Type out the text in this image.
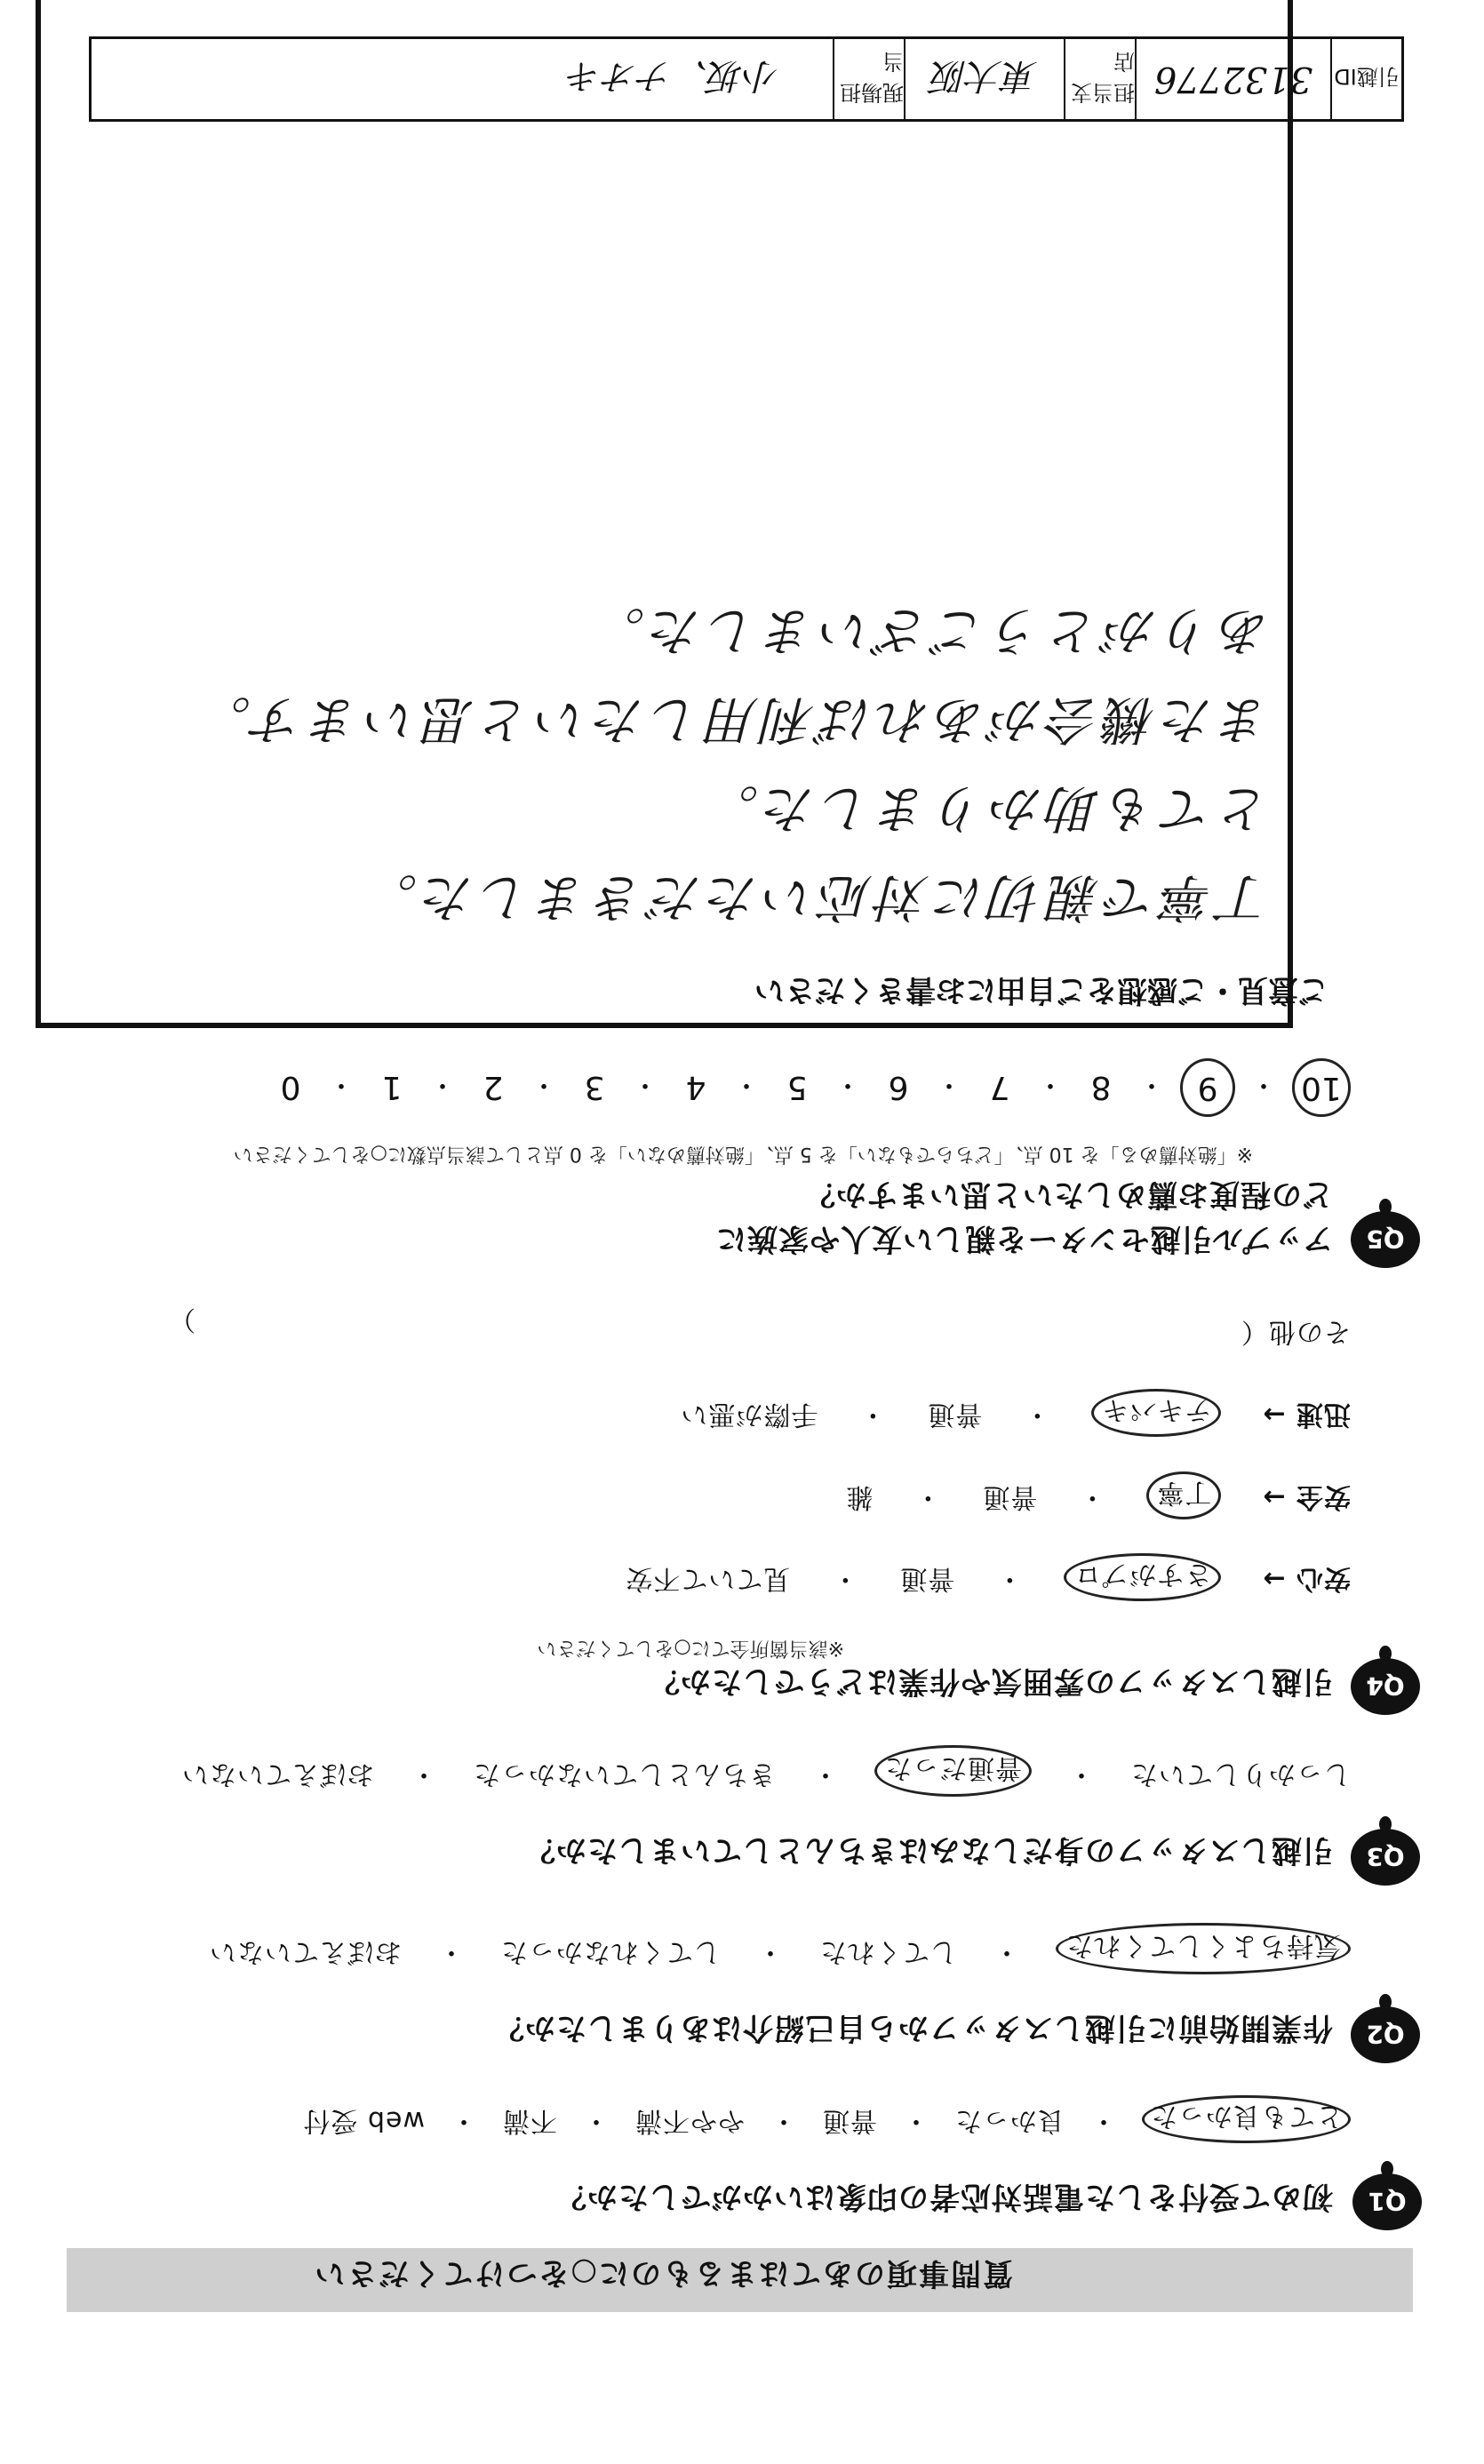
質問事項のあてはまるものに○をつけてください
Q1
初めて受付をした電話対応者の印象はいかがでしたか？
とても良かった
・
良かった
・
普通
・
やや不満
・
不満
・
web 受付
Q2
作業開始前に引越しスタッフから自己紹介はありましたか？
気持ちよくしてくれた
・
してくれた
・
してくれなかった
・
おぼえていない
Q3
引越しスタッフの身だしなみはきちんとしていましたか？
しっかりしていた
・
普通だった
・
きちんとしていなかった
・
おぼえていない
Q4
引越しスタッフの雰囲気や作業はどうでしたか？
※該当箇所全てに○をしてください
安心 →
さすがプロ
・
普通
・
見ていて不安
安全 →
丁寧
・
普通
・
雑
迅速 →
テキパキ
・
普通
・
手際が悪い
その他（
）
Q5
アップル引越センターを親しい友人や家族に
どの程度お薦めしたいと思いますか？
※「絶対薦める」を 10 点、「どちらでもない」を 5 点、「絶対薦めない」を 0 点として該当点数に○をしてください
10
・
9
・
8
・
7
・
6
・
5
・
4
・
3
・
2
・
1
・
0
ご意見・ご感想をご自由にお書きください
丁寧で親切に対応いただきました。
とても助かりました。
また機会があれば利用したいと思います。
ありがとうございました。
引越ID
3132776
担当支店
東大阪
現場担当
小坂、ナオキ
